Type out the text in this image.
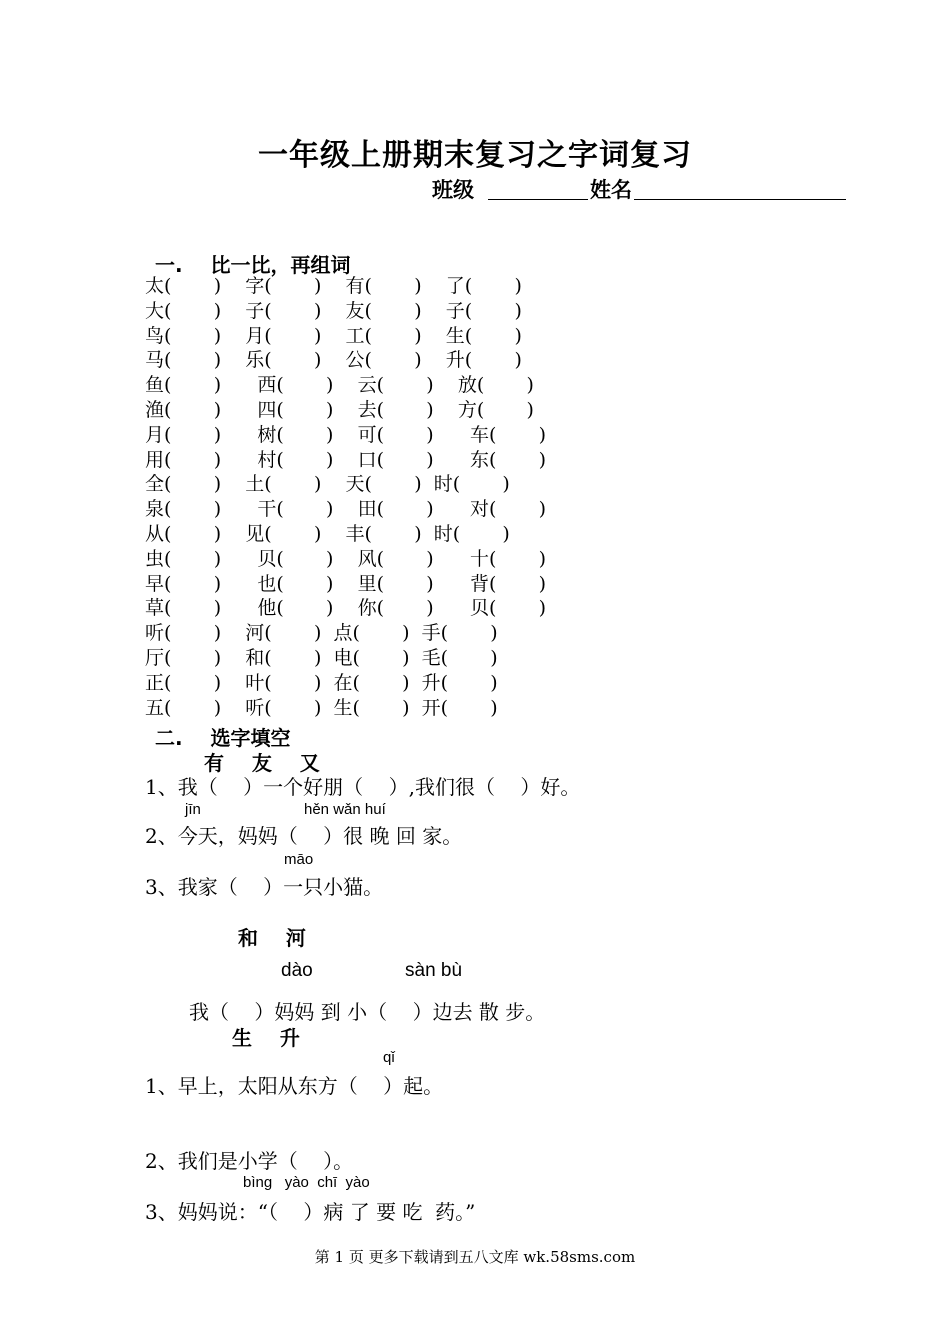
一年级上册期末复习之字词复习
班级	姓名
一.    比一比，再组词
太(       )    字(       )    有(       )    了(       )
大(       )    子(       )    友(       )    子(       )
鸟(       )    月(       )    工(       )    生(       )
马(       )    乐(       )    公(       )    升(       )
鱼(       )      西(       )    云(       )    放(       )
渔(       )      四(       )    去(       )    方(       )
月(       )      树(       )    可(       )      车(       )
用(       )      村(       )    口(       )      东(       )
全(       )    土(       )    天(       )  时(       )
泉(       )      干(       )    田(       )      对(       )
从(       )    见(       )    丰(       )  时(       )
虫(       )      贝(       )    风(       )      十(       )
早(       )      也(       )    里(       )      背(       )
草(       )      他(       )    你(       )      贝(       )
听(       )    河(       )  点(       )  手(       )
厅(       )    和(       )  电(       )  毛(       )
正(       )    叶(       )  在(       )  升(       )
五(       )    听(       )  生(       )  开(       )
二.    选字填空
有    友    又
1、我（    ）一个好朋（    ）,我们很（    ）好。
jīn	hěn wǎn huí
2、今天，妈妈（    ）很 晚 回 家。
māo
3、我家（    ）一只小猫。
和    河
dào	sàn bù
我（    ）妈妈 到 小（    ）边去 散 步。
生    升
qǐ
1、早上，太阳从东方（    ）起。
2、我们是小学（    ）。
bìng   yào  chī  yào
3、妈妈说：“（    ）病 了 要 吃  药。”
第 1 页 更多下载请到五八文库 wk.58sms.com
